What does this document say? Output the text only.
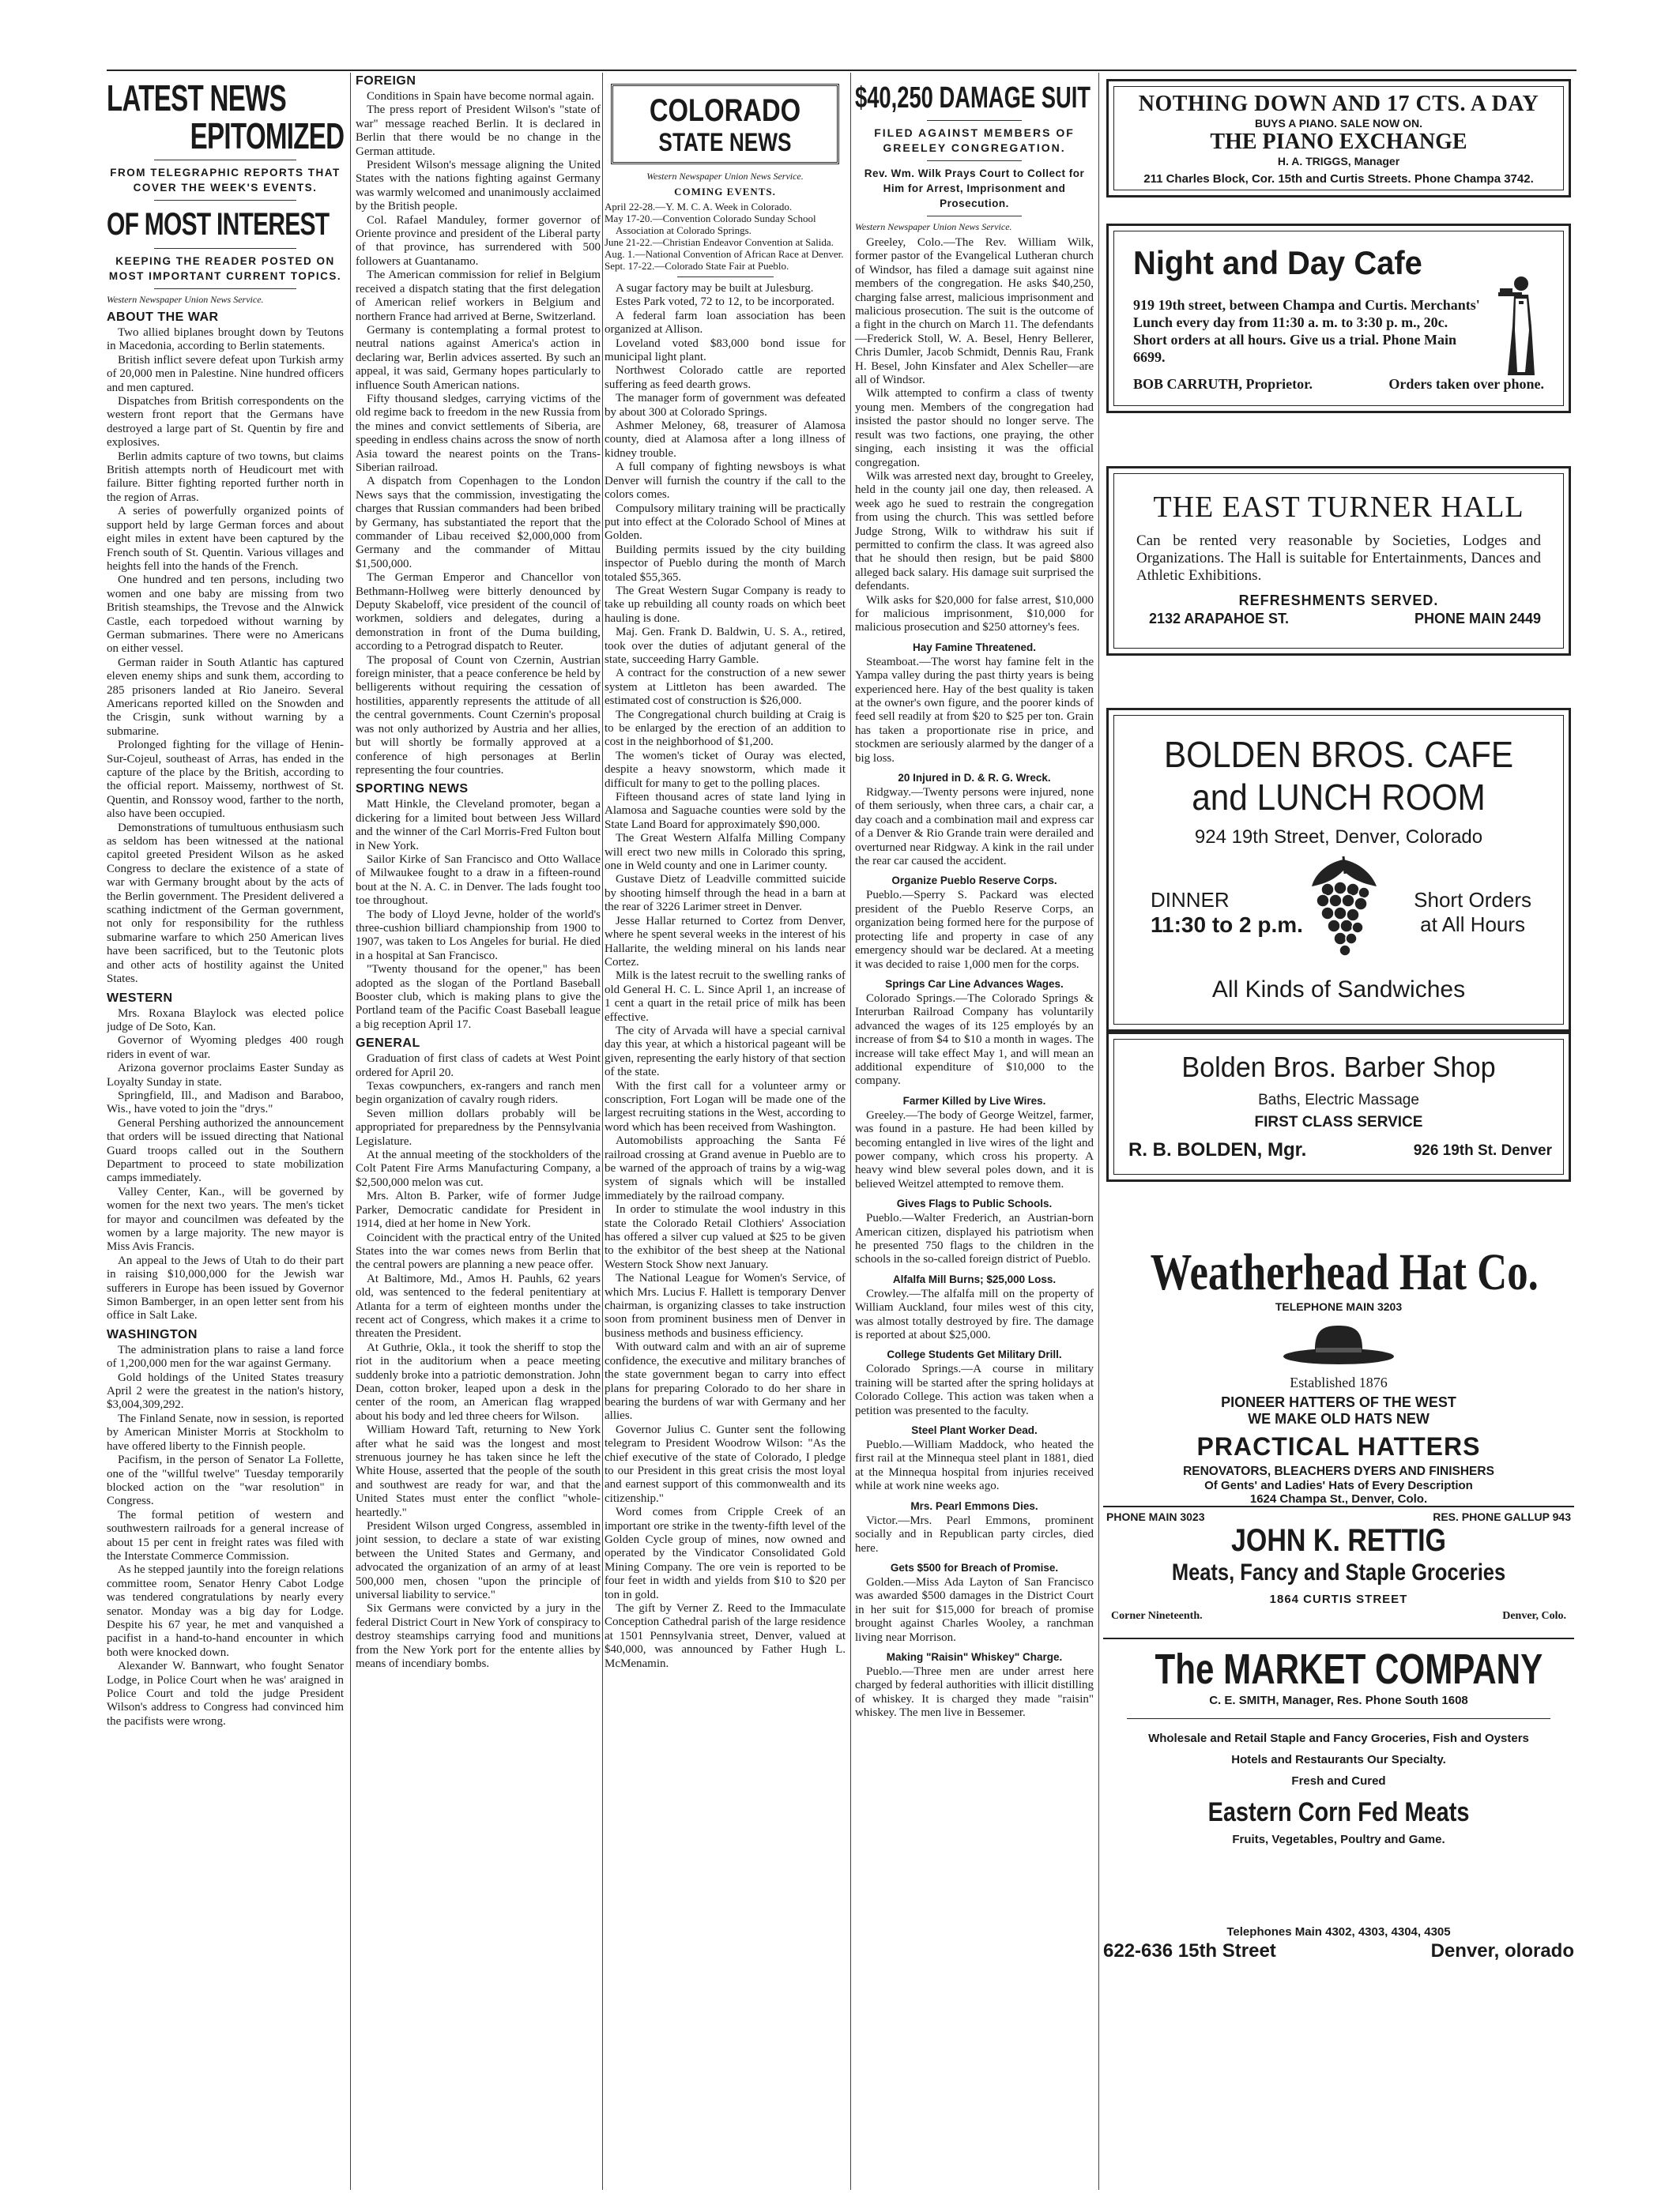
LATEST NEWS
EPITOMIZED
FROM TELEGRAPHIC REPORTS THAT COVER THE WEEK'S EVENTS.
OF MOST INTEREST
KEEPING THE READER POSTED ON MOST IMPORTANT CURRENT TOPICS.
Western Newspaper Union News Service.
ABOUT THE WAR

Two allied biplanes brought down by Teutons in Macedonia, according to Berlin statements.

British inflict severe defeat upon Turkish army of 20,000 men in Palestine. Nine hundred officers and men captured.

Dispatches from British correspondents on the western front report that the Germans have destroyed a large part of St. Quentin by fire and explosives.

Berlin admits capture of two towns, but claims British attempts north of Heudicourt met with failure. Bitter fighting reported further north in the region of Arras.

A series of powerfully organized points of support held by large German forces and about eight miles in extent have been captured by the French south of St. Quentin. Various villages and heights fell into the hands of the French.

One hundred and ten persons, including two women and one baby are missing from two British steamships, the Trevose and the Alnwick Castle, each torpedoed without warning by German submarines. There were no Americans on either vessel.

German raider in South Atlantic has captured eleven enemy ships and sunk them, according to 285 prisoners landed at Rio Janeiro. Several Americans reported killed on the Snowden and the Crisgin, sunk without warning by a submarine.

Prolonged fighting for the village of Henin-Sur-Cojeul, southeast of Arras, has ended in the capture of the place by the British, according to the official report. Maissemy, northwest of St. Quentin, and Ronssoy wood, farther to the north, also have been occupied.

Demonstrations of tumultuous enthusiasm such as seldom has been witnessed at the national capitol greeted President Wilson as he asked Congress to declare the existence of a state of war with Germany brought about by the acts of the Berlin government. The President delivered a scathing indictment of the German government, not only for responsibility for the ruthless submarine warfare to which 250 American lives have been sacrificed, but to the Teutonic plots and other acts of hostility against the United States.

WESTERN

Mrs. Roxana Blaylock was elected police judge of De Soto, Kan.

Governor of Wyoming pledges 400 rough riders in event of war.

Arizona governor proclaims Easter Sunday as Loyalty Sunday in state.

Springfield, Ill., and Madison and Baraboo, Wis., have voted to join the "drys."

General Pershing authorized the announcement that orders will be issued directing that National Guard troops called out in the Southern Department to proceed to state mobilization camps immediately.

Valley Center, Kan., will be governed by women for the next two years. The men's ticket for mayor and councilmen was defeated by the women by a large majority. The new mayor is Miss Avis Francis.

An appeal to the Jews of Utah to do their part in raising $10,000,000 for the Jewish war sufferers in Europe has been issued by Governor Simon Bamberger, in an open letter sent from his office in Salt Lake.

WASHINGTON

The administration plans to raise a land force of 1,200,000 men for the war against Germany.

Gold holdings of the United States treasury April 2 were the greatest in the nation's history, $3,004,309,292.

The Finland Senate, now in session, is reported by American Minister Morris at Stockholm to have offered liberty to the Finnish people.

Pacifism, in the person of Senator La Follette, one of the "willful twelve" Tuesday temporarily blocked action on the "war resolution" in Congress.

The formal petition of western and southwestern railroads for a general increase of about 15 per cent in freight rates was filed with the Interstate Commerce Commission.

As he stepped jauntily into the foreign relations committee room, Senator Henry Cabot Lodge was tendered congratulations by nearly every senator. Monday was a big day for Lodge. Despite his 67 year, he met and vanquished a pacifist in a hand-to-hand encounter in which both were knocked down.

Alexander W. Bannwart, who fought Senator Lodge, in Police Court when he was' araigned in Police Court and told the judge President Wilson's address to Congress had convinced him the pacifists were wrong.

FOREIGN

Conditions in Spain have become normal again.

The press report of President Wilson's "state of war" message reached Berlin. It is declared in Berlin that there would be no change in the German attitude.

President Wilson's message aligning the United States with the nations fighting against Germany was warmly welcomed and unanimously acclaimed by the British people.

Col. Rafael Manduley, former governor of Oriente province and president of the Liberal party of that province, has surrendered with 500 followers at Guantanamo.

The American commission for relief in Belgium received a dispatch stating that the first delegation of American relief workers in Belgium and northern France had arrived at Berne, Switzerland.

Germany is contemplating a formal protest to neutral nations against America's action in declaring war, Berlin advices asserted. By such an appeal, it was said, Germany hopes particularly to influence South American nations.

Fifty thousand sledges, carrying victims of the old regime back to freedom in the new Russia from the mines and convict settlements of Siberia, are speeding in endless chains across the snow of north Asia toward the nearest points on the Trans-Siberian railroad.

A dispatch from Copenhagen to the London News says that the commission, investigating the charges that Russian commanders had been bribed by Germany, has substantiated the report that the commander of Libau received $2,000,000 from Germany and the commander of Mittau $1,500,000.

The German Emperor and Chancellor von Bethmann-Hollweg were bitterly denounced by Deputy Skabeloff, vice president of the council of workmen, soldiers and delegates, during a demonstration in front of the Duma building, according to a Petrograd dispatch to Reuter.

The proposal of Count von Czernin, Austrian foreign minister, that a peace conference be held by belligerents without requiring the cessation of hostilities, apparently represents the attitude of all the central governments. Count Czernin's proposal was not only authorized by Austria and her allies, but will shortly be formally approved at a conference of high personages at Berlin representing the four countries.

SPORTING NEWS

Matt Hinkle, the Cleveland promoter, began a dickering for a limited bout between Jess Willard and the winner of the Carl Morris-Fred Fulton bout in New York.

Sailor Kirke of San Francisco and Otto Wallace of Milwaukee fought to a draw in a fifteen-round bout at the N. A. C. in Denver. The lads fought too toe throughout.

The body of Lloyd Jevne, holder of the world's three-cushion billiard championship from 1900 to 1907, was taken to Los Angeles for burial. He died in a hospital at San Francisco.

"Twenty thousand for the opener," has been adopted as the slogan of the Portland Baseball Booster club, which is making plans to give the Portland team of the Pacific Coast Baseball league a big reception April 17.

GENERAL

Graduation of first class of cadets at West Point ordered for April 20.

Texas cowpunchers, ex-rangers and ranch men begin organization of cavalry rough riders.

Seven million dollars probably will be appropriated for preparedness by the Pennsylvania Legislature.

At the annual meeting of the stockholders of the Colt Patent Fire Arms Manufacturing Company, a $2,500,000 melon was cut.

Mrs. Alton B. Parker, wife of former Judge Parker, Democratic candidate for President in 1914, died at her home in New York.

Coincident with the practical entry of the United States into the war comes news from Berlin that the central powers are planning a new peace offer.

At Baltimore, Md., Amos H. Pauhls, 62 years old, was sentenced to the federal penitentiary at Atlanta for a term of eighteen months under the recent act of Congress, which makes it a crime to threaten the President.

At Guthrie, Okla., it took the sheriff to stop the riot in the auditorium when a peace meeting suddenly broke into a patriotic demonstration. John Dean, cotton broker, leaped upon a desk in the center of the room, an American flag wrapped about his body and led three cheers for Wilson.

William Howard Taft, returning to New York after what he said was the longest and most strenuous journey he has taken since he left the White House, asserted that the people of the south and southwest are ready for war, and that the United States must enter the conflict "whole-heartedly."

President Wilson urged Congress, assembled in joint session, to declare a state of war existing between the United States and Germany, and advocated the organization of an army of at least 500,000 men, chosen "upon the principle of universal liability to service."

Six Germans were convicted by a jury in the federal District Court in New York of conspiracy to destroy steamships carrying food and munitions from the New York port for the entente allies by means of incendiary bombs.

COLORADO
STATE NEWS
Western Newspaper Union News Service.
COMING EVENTS.

April 22-28.—Y. M. C. A. Week in Colorado.

May 17-20.—Convention Colorado Sunday School Association at Colorado Springs.

June 21-22.—Christian Endeavor Convention at Salida.

Aug. 1.—National Convention of African Race at Denver.

Sept. 17-22.—Colorado State Fair at Pueblo.

A sugar factory may be built at Julesburg.

Estes Park voted, 72 to 12, to be incorporated.

A federal farm loan association has been organized at Allison.

Loveland voted $83,000 bond issue for municipal light plant.

Northwest Colorado cattle are reported suffering as feed dearth grows.

The manager form of government was defeated by about 300 at Colorado Springs.

Ashmer Meloney, 68, treasurer of Alamosa county, died at Alamosa after a long illness of kidney trouble.

A full company of fighting newsboys is what Denver will furnish the country if the call to the colors comes.

Compulsory military training will be practically put into effect at the Colorado School of Mines at Golden.

Building permits issued by the city building inspector of Pueblo during the month of March totaled $55,365.

The Great Western Sugar Company is ready to take up rebuilding all county roads on which beet hauling is done.

Maj. Gen. Frank D. Baldwin, U. S. A., retired, took over the duties of adjutant general of the state, succeeding Harry Gamble.

A contract for the construction of a new sewer system at Littleton has been awarded. The estimated cost of construction is $26,000.

The Congregational church building at Craig is to be enlarged by the erection of an addition to cost in the neighborhood of $1,200.

The women's ticket of Ouray was elected, despite a heavy snowstorm, which made it difficult for many to get to the polling places.

Fifteen thousand acres of state land lying in Alamosa and Saguache counties were sold by the State Land Board for approximately $90,000.

The Great Western Alfalfa Milling Company will erect two new mills in Colorado this spring, one in Weld county and one in Larimer county.

Gustave Dietz of Leadville committed suicide by shooting himself through the head in a barn at the rear of 3226 Larimer street in Denver.

Jesse Hallar returned to Cortez from Denver, where he spent several weeks in the interest of his Hallarite, the welding mineral on his lands near Cortez.

Milk is the latest recruit to the swelling ranks of old General H. C. L. Since April 1, an increase of 1 cent a quart in the retail price of milk has been effective.

The city of Arvada will have a special carnival day this year, at which a historical pageant will be given, representing the early history of that section of the state.

With the first call for a volunteer army or conscription, Fort Logan will be made one of the largest recruiting stations in the West, according to word which has been received from Washington.

Automobilists approaching the Santa Fé railroad crossing at Grand avenue in Pueblo are to be warned of the approach of trains by a wig-wag system of signals which will be installed immediately by the railroad company.

In order to stimulate the wool industry in this state the Colorado Retail Clothiers' Association has offered a silver cup valued at $25 to be given to the exhibitor of the best sheep at the National Western Stock Show next January.

The National League for Women's Service, of which Mrs. Lucius F. Hallett is temporary Denver chairman, is organizing classes to take instruction soon from prominent business men of Denver in business methods and business efficiency.

With outward calm and with an air of supreme confidence, the executive and military branches of the state government began to carry into effect plans for preparing Colorado to do her share in bearing the burdens of war with Germany and her allies.

Governor Julius C. Gunter sent the following telegram to President Woodrow Wilson: "As the chief executive of the state of Colorado, I pledge to our President in this great crisis the most loyal and earnest support of this commonwealth and its citizenship."

Word comes from Cripple Creek of an important ore strike in the twenty-fifth level of the Golden Cycle group of mines, now owned and operated by the Vindicator Consolidated Gold Mining Company. The ore vein is reported to be four feet in width and yields from $10 to $20 per ton in gold.

The gift by Verner Z. Reed to the Immaculate Conception Cathedral parish of the large residence at 1501 Pennsylvania street, Denver, valued at $40,000, was announced by Father Hugh L. McMenamin.

$40,250 DAMAGE SUIT
FILED AGAINST MEMBERS OF GREELEY CONGREGATION.
Rev. Wm. Wilk Prays Court to Collect for Him for Arrest, Imprisonment and Prosecution.
Western Newspaper Union News Service.

Greeley, Colo.—The Rev. William Wilk, former pastor of the Evangelical Lutheran church of Windsor, has filed a damage suit against nine members of the congregation. He asks $40,250, charging false arrest, malicious imprisonment and malicious prosecution. The suit is the outcome of a fight in the church on March 11. The defendants—Frederick Stoll, W. A. Besel, Henry Bellerer, Chris Dumler, Jacob Schmidt, Dennis Rau, Frank H. Besel, John Kinsfater and Alex Scheller—are all of Windsor.

Wilk attempted to confirm a class of twenty young men. Members of the congregation had insisted the pastor should no longer serve. The result was two factions, one praying, the other singing, each insisting it was the official congregation.

Wilk was arrested next day, brought to Greeley, held in the county jail one day, then released. A week ago he sued to restrain the congregation from using the church. This was settled before Judge Strong, Wilk to withdraw his suit if permitted to confirm the class. It was agreed also that he should then resign, but be paid $800 alleged back salary. His damage suit surprised the defendants.

Wilk asks for $20,000 for false arrest, $10,000 for malicious imprisonment, $10,000 for malicious prosecution and $250 attorney's fees.

Hay Famine Threatened.

Steamboat.—The worst hay famine felt in the Yampa valley during the past thirty years is being experienced here. Hay of the best quality is taken at the owner's own figure, and the poorer kinds of feed sell readily at from $20 to $25 per ton. Grain has taken a proportionate rise in price, and stockmen are seriously alarmed by the danger of a big loss.

20 Injured in D. & R. G. Wreck.

Ridgway.—Twenty persons were injured, none of them seriously, when three cars, a chair car, a day coach and a combination mail and express car of a Denver & Rio Grande train were derailed and overturned near Ridgway. A kink in the rail under the rear car caused the accident.

Organize Pueblo Reserve Corps.

Pueblo.—Sperry S. Packard was elected president of the Pueblo Reserve Corps, an organization being formed here for the purpose of protecting life and property in case of any emergency should war be declared. At a meeting it was decided to raise 1,000 men for the corps.

Springs Car Line Advances Wages.

Colorado Springs.—The Colorado Springs & Interurban Railroad Company has voluntarily advanced the wages of its 125 employés by an increase of from $4 to $10 a month in wages. The increase will take effect May 1, and will mean an additional expenditure of $10,000 to the company.

Farmer Killed by Live Wires.

Greeley.—The body of George Weitzel, farmer, was found in a pasture. He had been killed by becoming entangled in live wires of the light and power company, which cross his property. A heavy wind blew several poles down, and it is believed Weitzel attempted to remove them.

Gives Flags to Public Schools.

Pueblo.—Walter Frederich, an Austrian-born American citizen, displayed his patriotism when he presented 750 flags to the children in the schools in the so-called foreign district of Pueblo.

Alfalfa Mill Burns; $25,000 Loss.

Crowley.—The alfalfa mill on the property of William Auckland, four miles west of this city, was almost totally destroyed by fire. The damage is reported at about $25,000.

College Students Get Military Drill.

Colorado Springs.—A course in military training will be started after the spring holidays at Colorado College. This action was taken when a petition was presented to the faculty.

Steel Plant Worker Dead.

Pueblo.—William Maddock, who heated the first rail at the Minnequa steel plant in 1881, died at the Minnequa hospital from injuries received while at work nine weeks ago.

Mrs. Pearl Emmons Dies.

Victor.—Mrs. Pearl Emmons, prominent socially and in Republican party circles, died here.

Gets $500 for Breach of Promise.

Golden.—Miss Ada Layton of San Francisco was awarded $500 damages in the District Court in her suit for $15,000 for breach of promise brought against Charles Wooley, a ranchman living near Morrison.

Making "Raisin" Whiskey" Charge.

Pueblo.—Three men are under arrest here charged by federal authorities with illicit distilling of whiskey. It is charged they made "raisin" whiskey. The men live in Bessemer.

NOTHING DOWN AND 17 CTS. A DAY
BUYS A PIANO. SALE NOW ON.
THE PIANO EXCHANGE
H. A. TRIGGS, Manager
211 Charles Block, Cor. 15th and Curtis Streets. Phone Champa 3742.
Night and Day Cafe
919 19th street, between Champa and Curtis. Merchants' Lunch every day from 11:30 a. m. to 3:30 p. m., 20c. Short orders at all hours. Give us a trial. Phone Main 6699.
BOB CARRUTH, Proprietor.	Orders taken over phone.
THE EAST TURNER HALL
Can be rented very reasonable by Societies, Lodges and Organizations. The Hall is suitable for Entertainments, Dances and Athletic Exhibitions.
REFRESHMENTS SERVED.
2132 ARAPAHOE ST.	PHONE MAIN 2449
BOLDEN BROS. CAFE
and LUNCH ROOM
924 19th Street, Denver, Colorado
DINNER
11:30 to 2 p.m.
Short Orders
at All Hours
All Kinds of Sandwiches
Bolden Bros. Barber Shop
Baths, Electric Massage
FIRST CLASS SERVICE
R. B. BOLDEN, Mgr.	926 19th St. Denver
Weatherhead Hat Co.
TELEPHONE MAIN 3203
Established 1876
PIONEER HATTERS OF THE WEST
WE MAKE OLD HATS NEW
PRACTICAL HATTERS
RENOVATORS, BLEACHERS DYERS AND FINISHERS
Of Gents' and Ladies' Hats of Every Description
1624 Champa St., Denver, Colo.
PHONE MAIN 3023	RES. PHONE GALLUP 943
JOHN K. RETTIG
Meats, Fancy and Staple Groceries
1864 CURTIS STREET
Corner Nineteenth.	Denver, Colo.
The MARKET COMPANY
C. E. SMITH, Manager, Res. Phone South 1608
Wholesale and Retail Staple and Fancy Groceries, Fish and Oysters
Hotels and Restaurants Our Specialty.
Fresh and Cured
Eastern Corn Fed Meats
Fruits, Vegetables, Poultry and Game.
Telephones Main 4302, 4303, 4304, 4305
622-636 15th Street	Denver, olorado
